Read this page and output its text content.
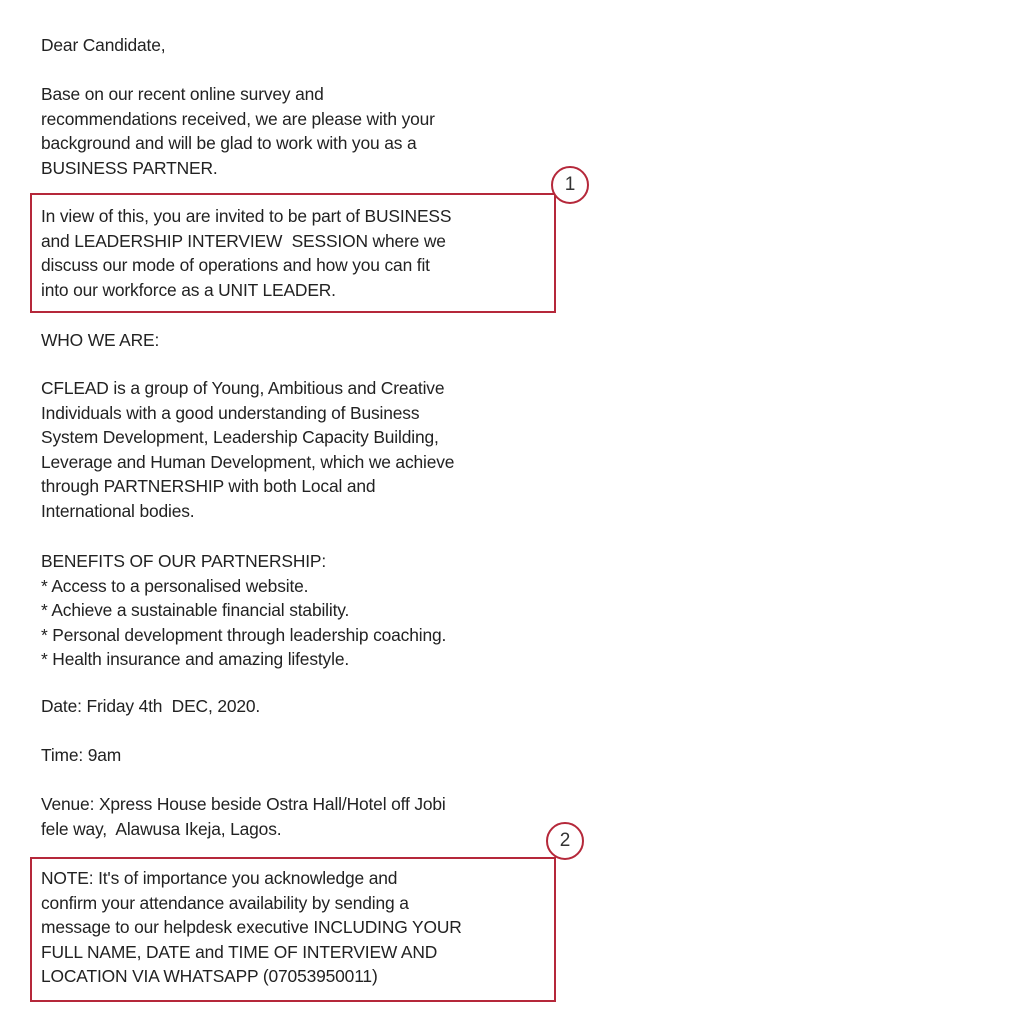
Dear Candidate,
Base on our recent online survey and
recommendations received, we are please with your
background and will be glad to work with you as a
BUSINESS PARTNER.
1
In view of this, you are invited to be part of BUSINESS
and LEADERSHIP INTERVIEW  SESSION where we
discuss our mode of operations and how you can fit
into our workforce as a UNIT LEADER.
WHO WE ARE:
CFLEAD is a group of Young, Ambitious and Creative
Individuals with a good understanding of Business
System Development, Leadership Capacity Building,
Leverage and Human Development, which we achieve
through PARTNERSHIP with both Local and
International bodies.
BENEFITS OF OUR PARTNERSHIP:
* Access to a personalised website.
* Achieve a sustainable financial stability.
* Personal development through leadership coaching.
* Health insurance and amazing lifestyle.
Date: Friday 4th  DEC, 2020.
Time: 9am
Venue: Xpress House beside Ostra Hall/Hotel off Jobi
fele way,  Alawusa Ikeja, Lagos.
2
NOTE: It's of importance you acknowledge and
confirm your attendance availability by sending a
message to our helpdesk executive INCLUDING YOUR
FULL NAME, DATE and TIME OF INTERVIEW AND
LOCATION VIA WHATSAPP (07053950011)
